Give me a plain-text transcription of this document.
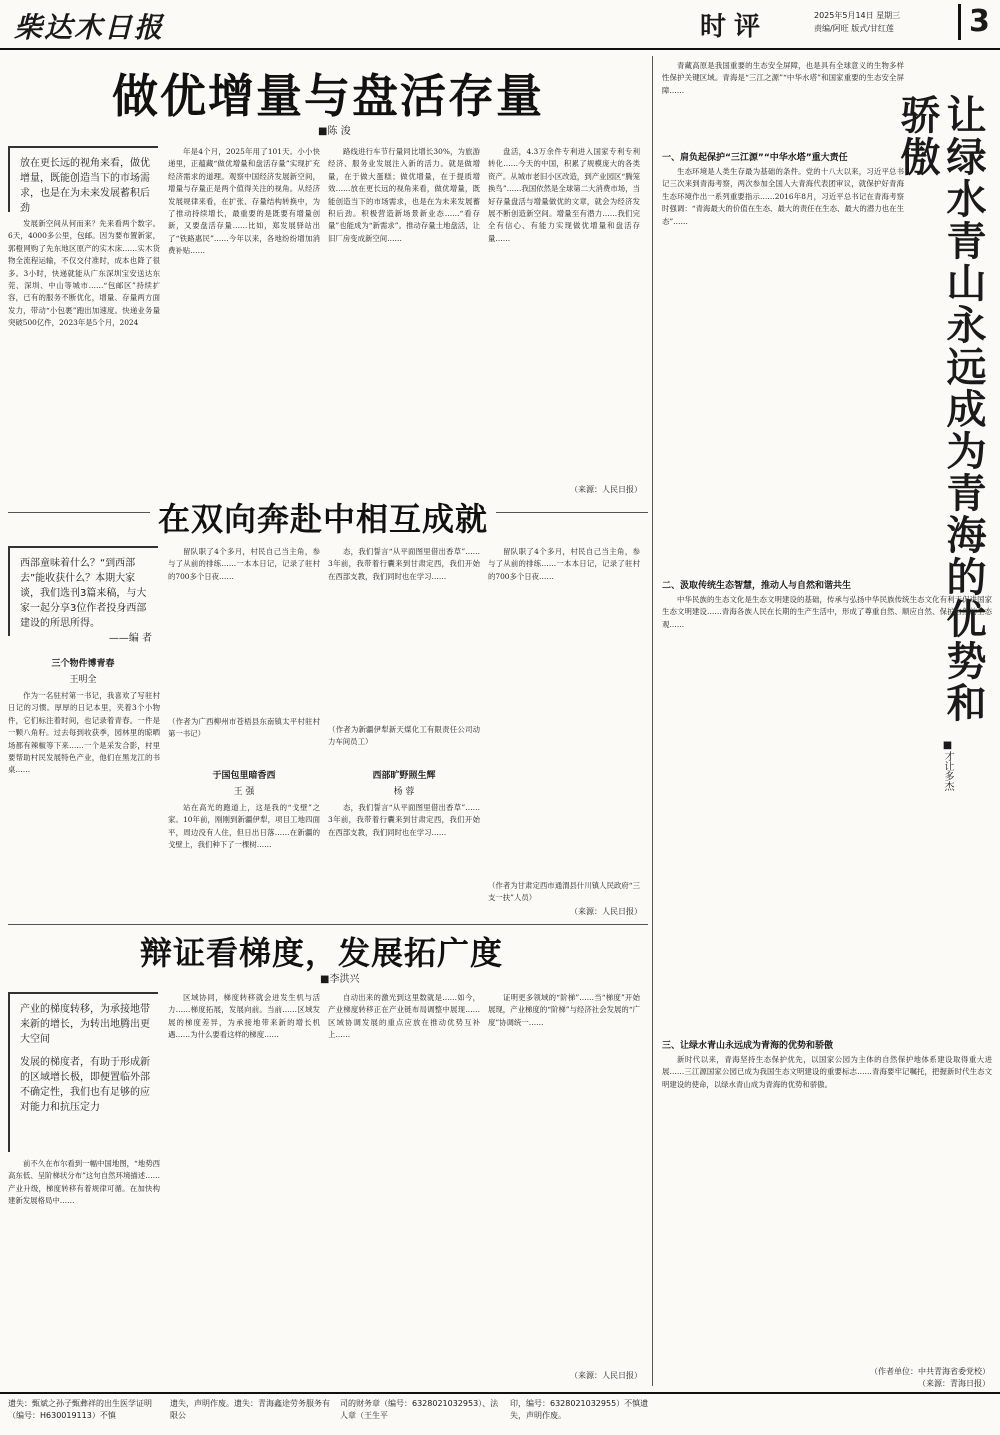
柴达木日报	时评	2025年5月14日 星期三
责编/阿旺 版式/甘红莲	3
做优增量与盘活存量
■陈 浚
放在更长远的视角来看，做优增量，既能创造当下的市场需求，也是在为未来发展蓄积后劲
发展新空间从何而来？先来看两个数字。6天，4000多公里，包邮。因为要布置新家，郭橙网购了先东地区原产的实木床……实木货物全流程运输，不仅交付准时，成本也降了很多。3小时，快递就能从广东深圳宝安送达东莞、深圳、中山等城市……“包邮区”持续扩容，已有的服务不断优化，增量、存量两方面发力，带动“小包裹”跑出加速度。快递业务量突破500亿件，2023年是5个月，2024
年是4个月，2025年用了101天。小小快递里，正蕴藏“做优增量和盘活存量”实现扩充经济需求的道理。观察中国经济发展新空间，增量与存量正是两个值得关注的视角。从经济发展规律来看，在扩张、存量结构转换中，为了推动持续增长，最重要的是既要有增量创新，又要盘活存量……比如，郑发展驿站出了“铁路惠民”……今年以来，各地纷纷增加消费补贴……
路线进行车节行量同比增长30%，为旅游经济、服务业发展注入新的活力。就是做增量，在于做大蛋糕；做优增量，在于提质增效……放在更长远的视角来看，做优增量，既能创造当下的市场需求，也是在为未来发展蓄积后劲。积极营造新场景新业态……“看存量”也能成为“新需求”。推动存量土地盘活，让旧厂房变成新空间……
盘活，4.3万余件专利进入国家专利专利转化……今天的中国，积累了规模庞大的各类资产。从城市老旧小区改造，到产业园区“腾笼换鸟”……我国依然是全球第二大消费市场，当好存量盘活与增量做优的文章，就会为经济发展不断创造新空间。增量至有潜力……我们完全有信心、有能力实现做优增量和盘活存量……
（来源：人民日报）
在双向奔赴中相互成就
西部童味着什么？“到西部去”能收获什么？本期大家谈，我们选刊3篇来稿，与大家一起分享3位作者投身西部建设的所思所得。
——编 者
三个物件博青春
王明全
作为一名驻村第一书记，我喜欢了写驻村日记的习惯。厚厚的日记本里，夹着3个小物件，它们标注着时间，也记录着青春。一件是一颗八角籽。过去每到收获季，园林里的晾晒场都有辣椒等下来……一个是采发合影，村里要帮助村民发展特色产业，他们在黑龙江的书桌……
留队职了4个多月，村民自己当主角，参与了从前的排练……一本本日记，记录了驻村的700多个日夜……
（作者为广西柳州市苍梧县东南镇太平村驻村第一书记）
于国包里暗香西
王 强
站在高光的跑道上，这是我的“戈壁”之家。10年前，刚刚到新疆伊犁，项目工地四面平，周边没有人住，但日出日落……在新疆的戈壁上，我们种下了一棵树……
态，我们誓言“从平面图里借出香草”……3年前，我带着行囊来到甘肃定西，我们开始在西部支教，我们同时也在学习……
（作者为新疆伊犁新天煤化工有限责任公司动力车间员工）
西部旷野照生辉
杨 蓉
态，我们誓言“从平面图里借出香草”……3年前，我带着行囊来到甘肃定西，我们开始在西部支教，我们同时也在学习……
留队职了4个多月，村民自己当主角，参与了从前的排练……一本本日记，记录了驻村的700多个日夜……
（作者为甘肃定西市通渭县什川镇人民政府“三支一扶”人员）
（来源：人民日报）
辩证看梯度，发展拓广度
■李洪兴
产业的梯度转移，为承接地带来新的增长，为转出地腾出更大空间
发展的梯度者，有助于形成新的区域增长极，即便置临外部不确定性，我们也有足够的应对能力和抗压定力
前不久在布尔看到一幅中国地图，“地势西高东低、呈阶梯状分布”这句自然环境描述……产业升级，梯度转移有着规律可循。在加快构建新发展格局中……
区域协同，梯度转移就会迸发生机与活力……梯度拓展，发展向前。当前……区域发展的梯度差异，为承接地带来新的增长机遇……为什么要看这样的梯度……
自动出来的激光到这里数就是……如今，产业梯度转移正在产业链布局调整中展现……区域协调发展的重点应放在推动优势互补上……
证明更多领域的“阶梯”……当“梯度”开始展现，产业梯度的“阶梯”与经济社会发展的“广度”协调统一……
（来源：人民日报）
让绿水青山永远成为青海的优势和骄傲
■才让多杰
青藏高原是我国重要的生态安全屏障，也是具有全球意义的生物多样性保护关键区域。青海是“三江之源”“中华水塔”和国家重要的生态安全屏障……
一、肩负起保护“三江源”“中华水塔”重大责任
生态环境是人类生存最为基础的条件。党的十八大以来，习近平总书记三次来到青海考察，两次参加全国人大青海代表团审议，就保护好青海生态环境作出一系列重要指示……2016年8月，习近平总书记在青海考察时强调：“青海最大的价值在生态、最大的责任在生态、最大的潜力也在生态”……
二、汲取传统生态智慧，推动人与自然和谐共生
中华民族的生态文化是生态文明建设的基础，传承与弘扬中华民族传统生态文化有利于促进国家生态文明建设……青海各族人民在长期的生产生活中，形成了尊重自然、顺应自然、保护自然的生态观……
三、让绿水青山永远成为青海的优势和骄傲
新时代以来，青海坚持生态保护优先，以国家公园为主体的自然保护地体系建设取得重大进展……三江源国家公园已成为我国生态文明建设的重要标志……青海要牢记嘱托，把握新时代生态文明建设的使命，以绿水青山成为青海的优势和骄傲。
（作者单位：中共青海省委党校）
（来源：青海日报）
遗失：甄斌之孙子甄彝祥的出生医学证明（编号：H630019113）不慎
遗失，声明作废。遗失：青海鑫途劳务服务有限公
司的财务章（编号：6328021032953）、法人章（王生平
印，编号：6328021032955）不慎遗失，声明作废。
